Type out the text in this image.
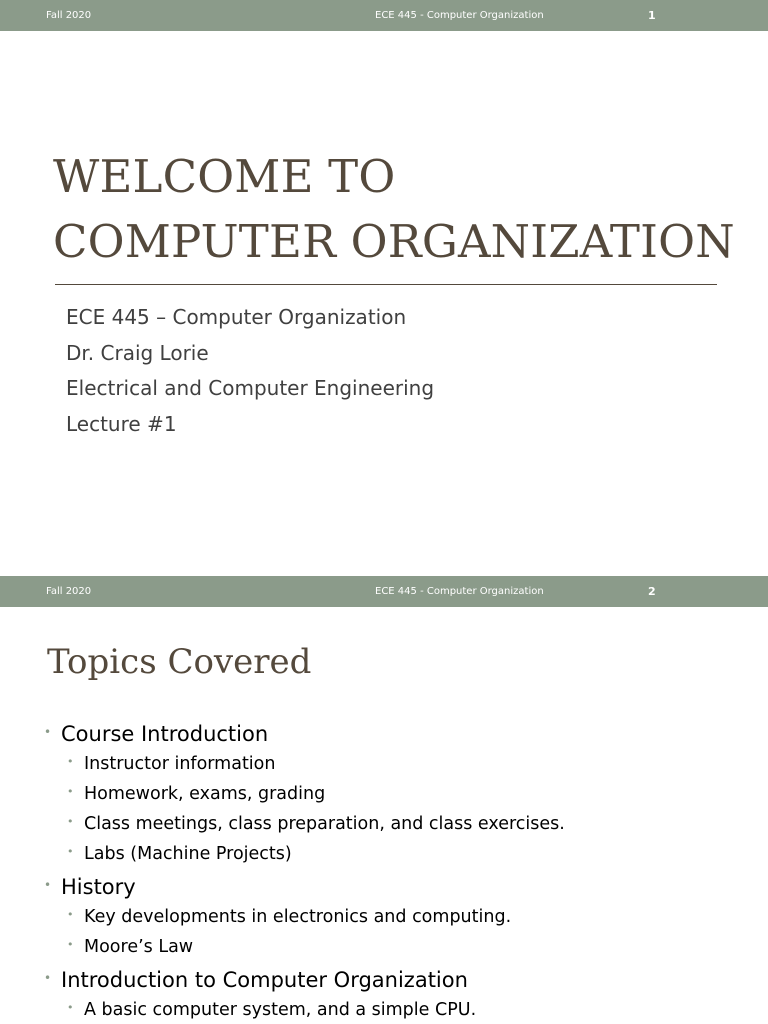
Fall 2020	ECE 445 - Computer Organization	1
WELCOME TO
COMPUTER ORGANIZATION
ECE 445 – Computer Organization
Dr. Craig Lorie
Electrical and Computer Engineering
Lecture #1
Fall 2020	ECE 445 - Computer Organization	2
Topics Covered
• Course Introduction
• Instructor information
• Homework, exams, grading
• Class meetings, class preparation, and class exercises.
• Labs (Machine Projects)
• History
• Key developments in electronics and computing.
• Moore’s Law
• Introduction to Computer Organization
• A basic computer system, and a simple CPU.
